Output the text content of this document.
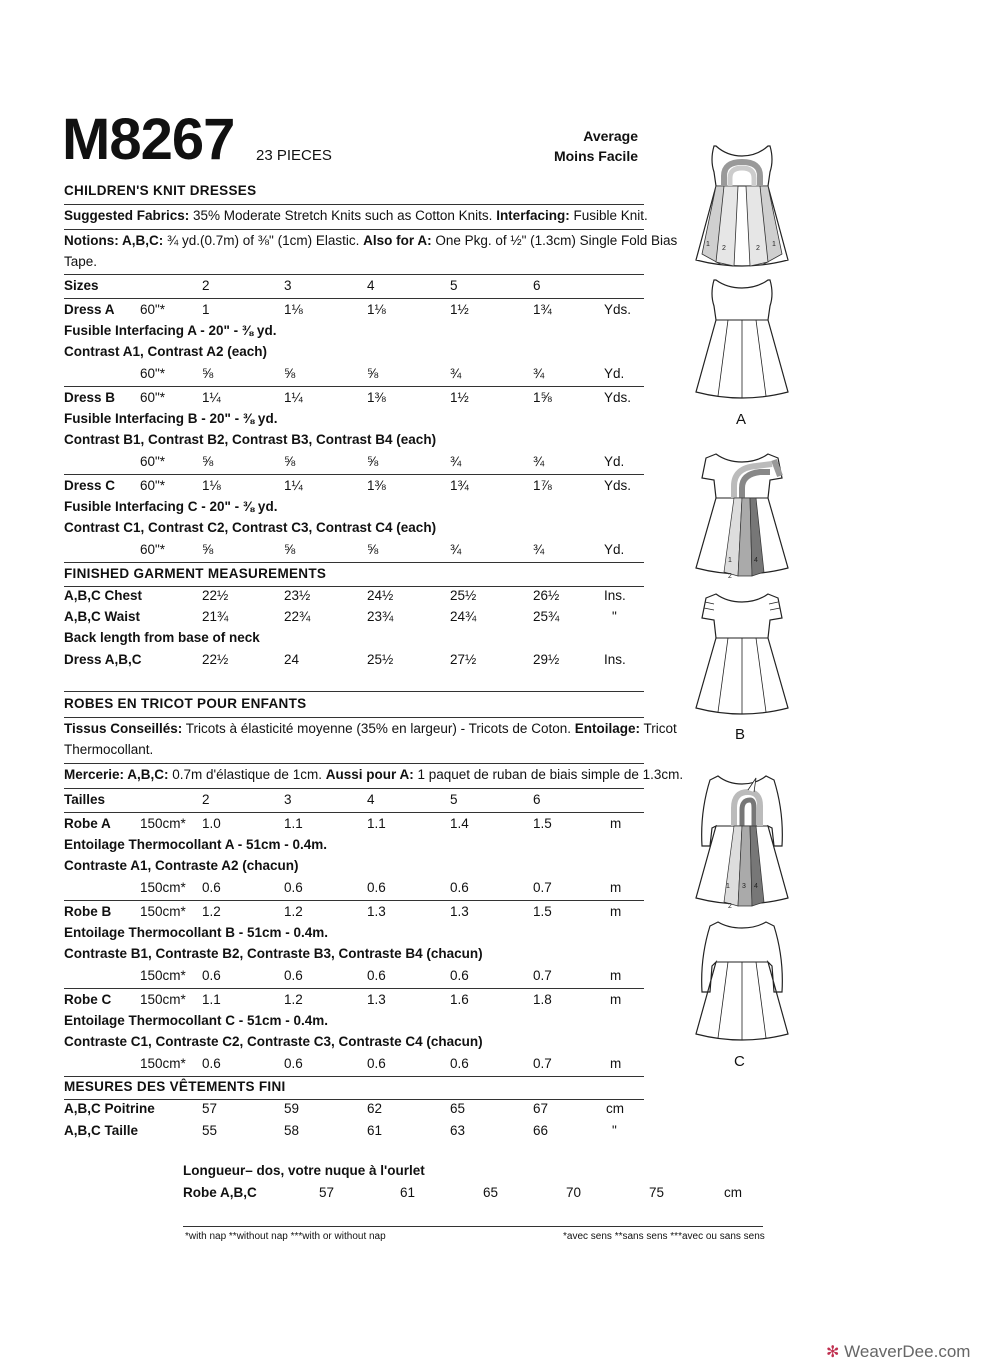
M8267 23 PIECES
Average
Moins Facile
CHILDREN'S KNIT DRESSES
Suggested Fabrics: 35% Moderate Stretch Knits such as Cotton Knits. Interfacing: Fusible Knit.
Notions: A,B,C: ¾ yd.(0.7m) of ⅜" (1cm) Elastic. Also for A: One Pkg. of ½" (1.3cm) Single Fold Bias
Tape.
Sizes	2	3	4	5	6
Dress A 60"*	1	1⅛	1⅛	1½	1¾	Yds.
Fusible Interfacing A - 20" - ⅜ yd.
Contrast A1, Contrast A2 (each)
60"*	⅝	⅝	⅝	¾	¾	Yd.
Dress B 60"*	1¼	1¼	1⅜	1½	1⅝	Yds.
Fusible Interfacing B - 20" - ⅜ yd.
Contrast B1, Contrast B2, Contrast B3, Contrast B4 (each)
60"*	⅝	⅝	⅝	¾	¾	Yd.
Dress C 60"*	1⅛	1¼	1⅜	1¾	1⅞	Yds.
Fusible Interfacing C - 20" - ⅜ yd.
Contrast C1, Contrast C2, Contrast C3, Contrast C4 (each)
60"*	⅝	⅝	⅝	¾	¾	Yd.
FINISHED GARMENT MEASUREMENTS
A,B,C Chest	22½	23½	24½	25½	26½	Ins.
A,B,C Waist	21¾	22¾	23¾	24¾	25¾	"
Back length from base of neck
Dress A,B,C	22½	24	25½	27½	29½	Ins.
ROBES EN TRICOT POUR ENFANTS
Tissus Conseillés: Tricots à élasticité moyenne (35% en largeur) - Tricots de Coton. Entoilage: Tricot
Thermocollant.
Mercerie: A,B,C: 0.7m d'élastique de 1cm. Aussi pour A: 1 paquet de ruban de biais simple de 1.3cm.
Tailles	2	3	4	5	6
Robe A 150cm* 1.0	1.1	1.1	1.4	1.5	m
Entoilage Thermocollant A - 51cm - 0.4m.
Contraste A1, Contraste A2 (chacun)
150cm* 0.6	0.6	0.6	0.6	0.7	m
Robe B 150cm* 1.2	1.2	1.3	1.3	1.5	m
Entoilage Thermocollant B - 51cm - 0.4m.
Contraste B1, Contraste B2, Contraste B3, Contraste B4 (chacun)
150cm* 0.6	0.6	0.6	0.6	0.7	m
Robe C 150cm* 1.1	1.2	1.3	1.6	1.8	m
Entoilage Thermocollant C - 51cm - 0.4m.
Contraste C1, Contraste C2, Contraste C3, Contraste C4 (chacun)
150cm* 0.6	0.6	0.6	0.6	0.7	m
MESURES DES VÊTEMENTS FINI
A,B,C Poitrine	57	59	62	65	67	cm
A,B,C Taille	55	58	61	63	66	"
Longueur– dos, votre nuque à l'ourlet
Robe A,B,C	57	61	65	70	75	cm
*with nap **without nap ***with or without nap	*avec sens **sans sens ***avec ou sans sens
1
2	2
1
A
1	4
2
B
1 3 4
2
C
✻ WeaverDee.com
